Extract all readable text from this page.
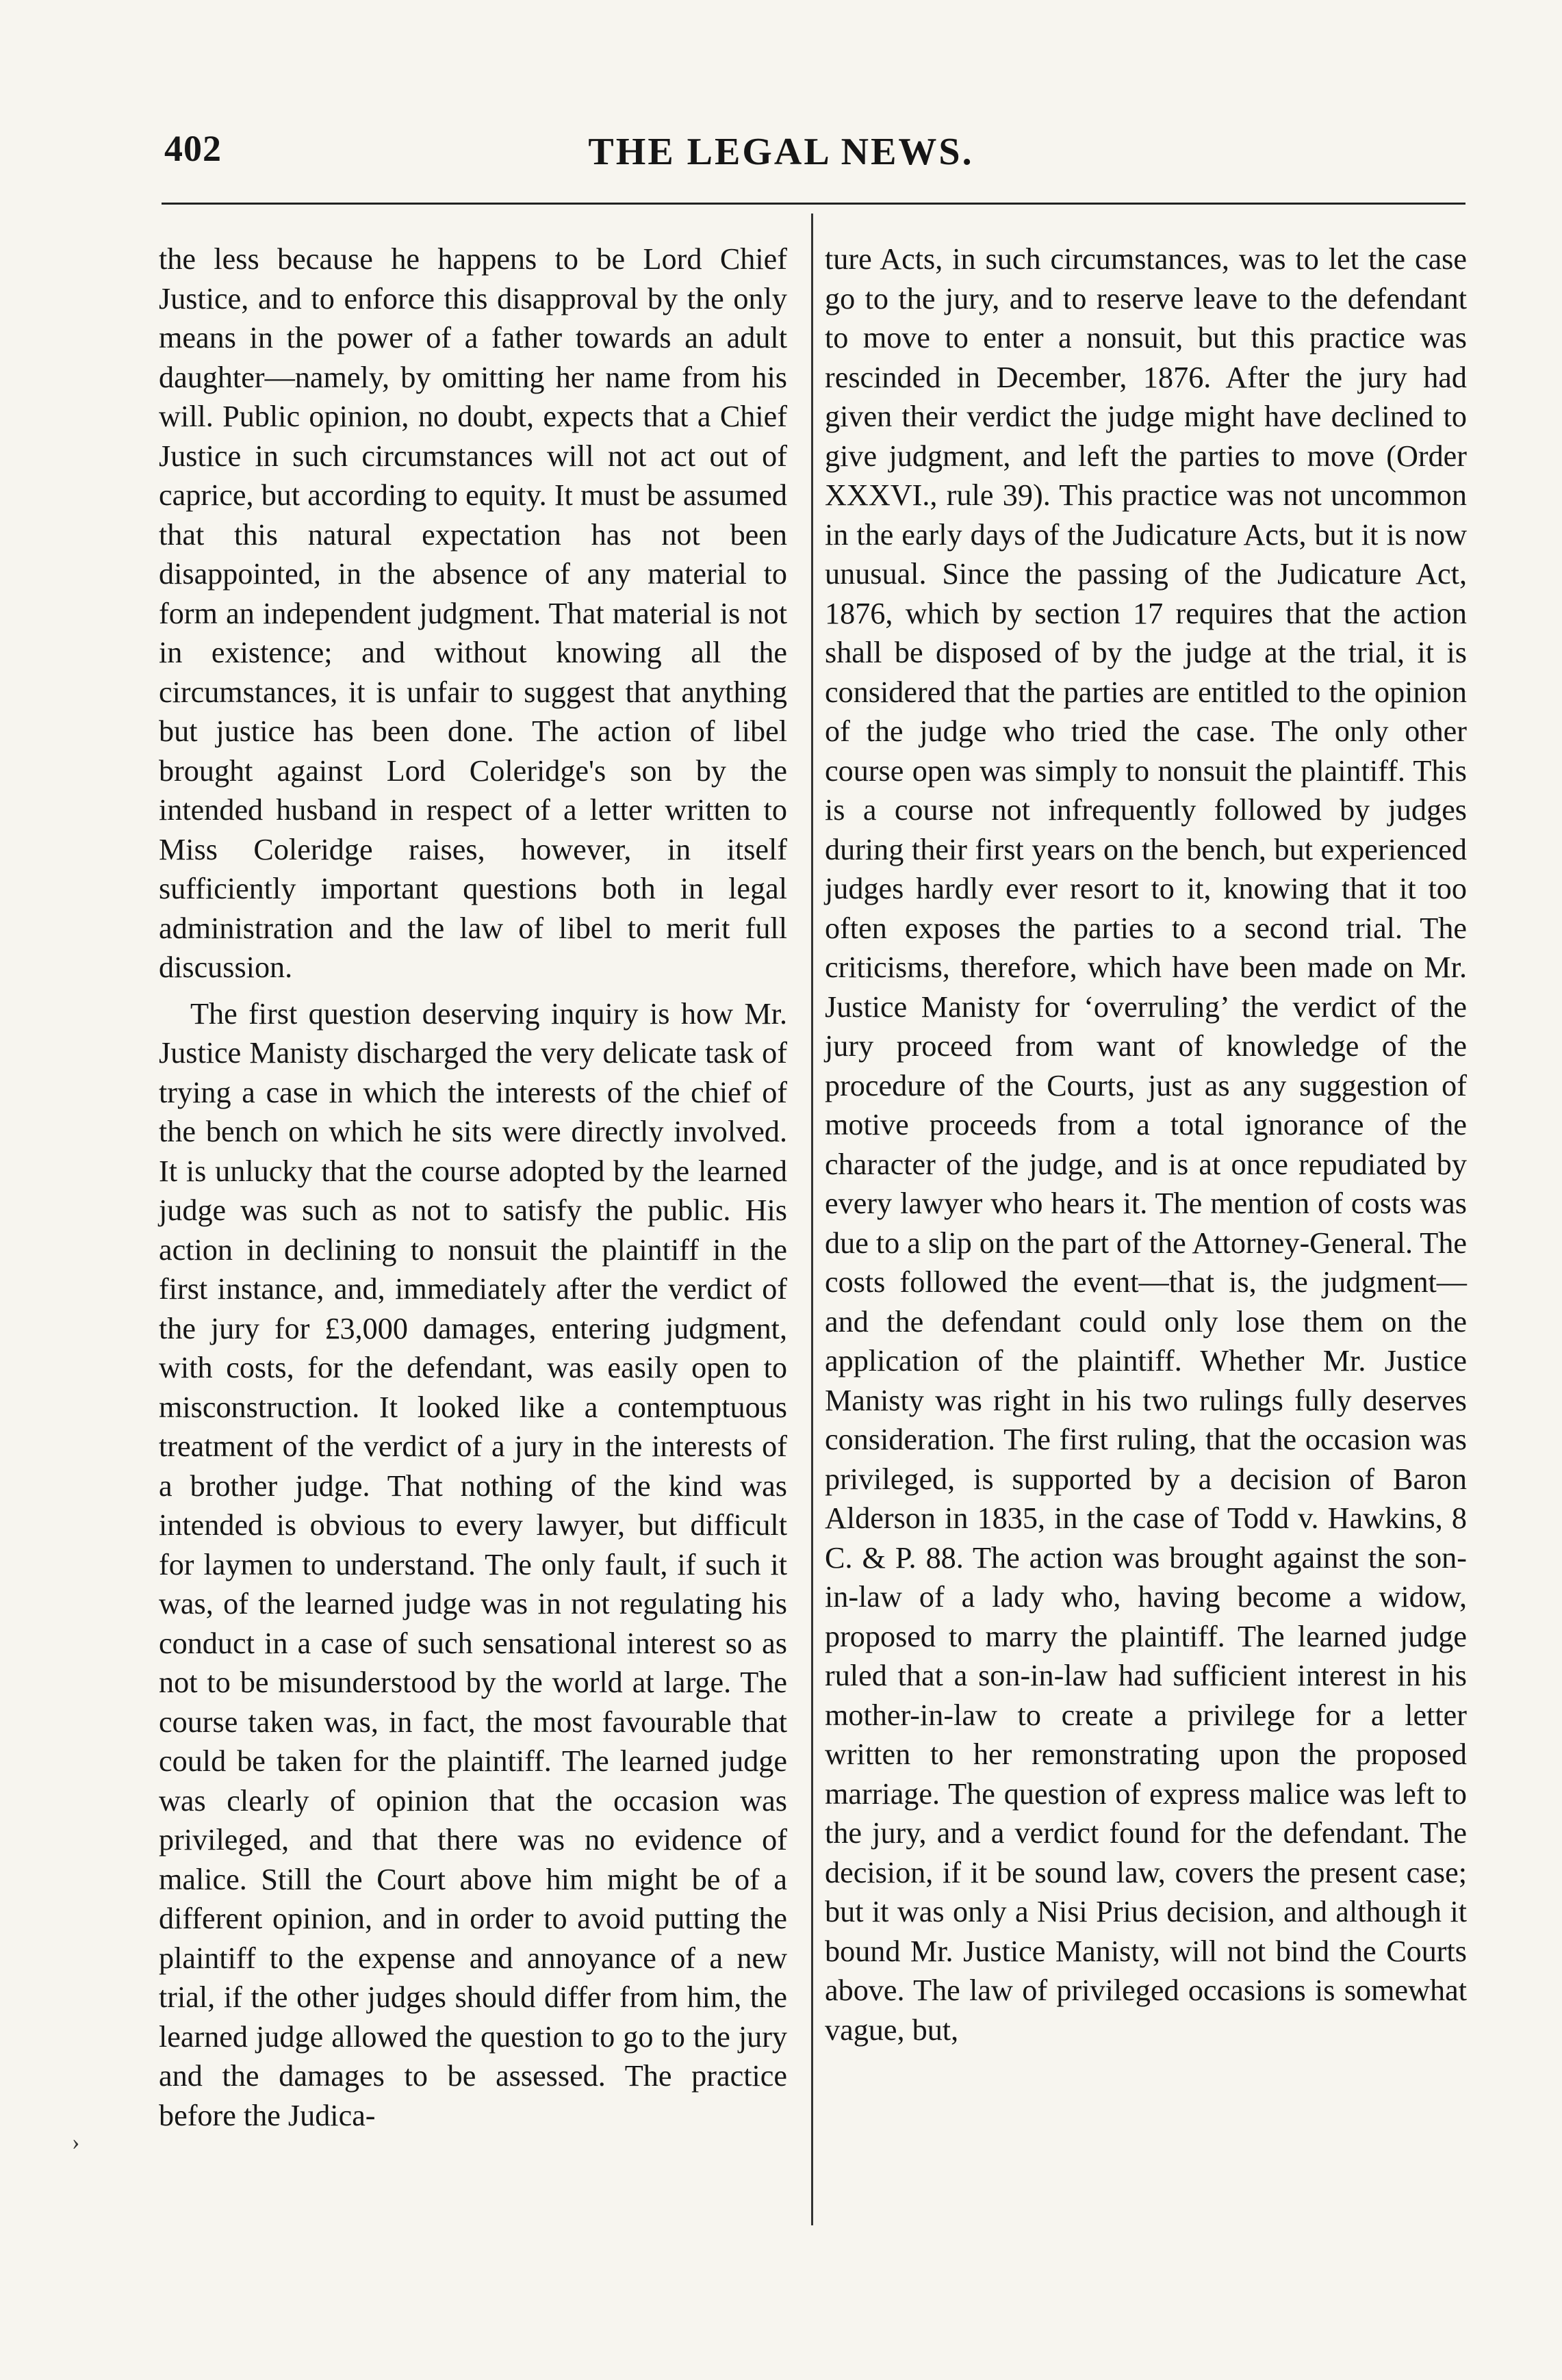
402	THE LEGAL NEWS.

the less because he happens to be Lord Chief Justice, and to enforce this disapproval by the only means in the power of a father towards an adult daughter—namely, by omitting her name from his will. Public opinion, no doubt, expects that a Chief Justice in such circumstances will not act out of caprice, but according to equity. It must be assumed that this natural expectation has not been disappointed, in the absence of any material to form an independent judgment. That material is not in existence; and without knowing all the circumstances, it is unfair to suggest that anything but justice has been done. The action of libel brought against Lord Coleridge's son by the intended husband in respect of a letter written to Miss Coleridge raises, however, in itself sufficiently important questions both in legal administration and the law of libel to merit full discussion.

The first question deserving inquiry is how Mr. Justice Manisty discharged the very delicate task of trying a case in which the interests of the chief of the bench on which he sits were directly involved. It is unlucky that the course adopted by the learned judge was such as not to satisfy the public. His action in declining to nonsuit the plaintiff in the first instance, and, immediately after the verdict of the jury for £3,000 damages, entering judgment, with costs, for the defendant, was easily open to misconstruction. It looked like a contemptuous treatment of the verdict of a jury in the interests of a brother judge. That nothing of the kind was intended is obvious to every lawyer, but difficult for laymen to understand. The only fault, if such it was, of the learned judge was in not regulating his conduct in a case of such sensational interest so as not to be misunderstood by the world at large. The course taken was, in fact, the most favourable that could be taken for the plaintiff. The learned judge was clearly of opinion that the occasion was privileged, and that there was no evidence of malice. Still the Court above him might be of a different opinion, and in order to avoid putting the plaintiff to the expense and annoyance of a new trial, if the other judges should differ from him, the learned judge allowed the question to go to the jury and the damages to be assessed. The practice before the Judica-

ture Acts, in such circumstances, was to let the case go to the jury, and to reserve leave to the defendant to move to enter a nonsuit, but this practice was rescinded in December, 1876. After the jury had given their verdict the judge might have declined to give judgment, and left the parties to move (Order XXXVI., rule 39). This practice was not uncommon in the early days of the Judicature Acts, but it is now unusual. Since the passing of the Judicature Act, 1876, which by section 17 requires that the action shall be disposed of by the judge at the trial, it is considered that the parties are entitled to the opinion of the judge who tried the case. The only other course open was simply to nonsuit the plaintiff. This is a course not infrequently followed by judges during their first years on the bench, but experienced judges hardly ever resort to it, knowing that it too often exposes the parties to a second trial. The criticisms, therefore, which have been made on Mr. Justice Manisty for ‘overruling’ the verdict of the jury proceed from want of knowledge of the procedure of the Courts, just as any suggestion of motive proceeds from a total ignorance of the character of the judge, and is at once repudiated by every lawyer who hears it. The mention of costs was due to a slip on the part of the Attorney-General. The costs followed the event—that is, the judgment—and the defendant could only lose them on the application of the plaintiff. Whether Mr. Justice Manisty was right in his two rulings fully deserves consideration. The first ruling, that the occasion was privileged, is supported by a decision of Baron Alderson in 1835, in the case of Todd v. Hawkins, 8 C. & P. 88. The action was brought against the son-in-law of a lady who, having become a widow, proposed to marry the plaintiff. The learned judge ruled that a son-in-law had sufficient interest in his mother-in-law to create a privilege for a letter written to her remonstrating upon the proposed marriage. The question of express malice was left to the jury, and a verdict found for the defendant. The decision, if it be sound law, covers the present case; but it was only a Nisi Prius decision, and although it bound Mr. Justice Manisty, will not bind the Courts above. The law of privileged occasions is somewhat vague, but,

›
